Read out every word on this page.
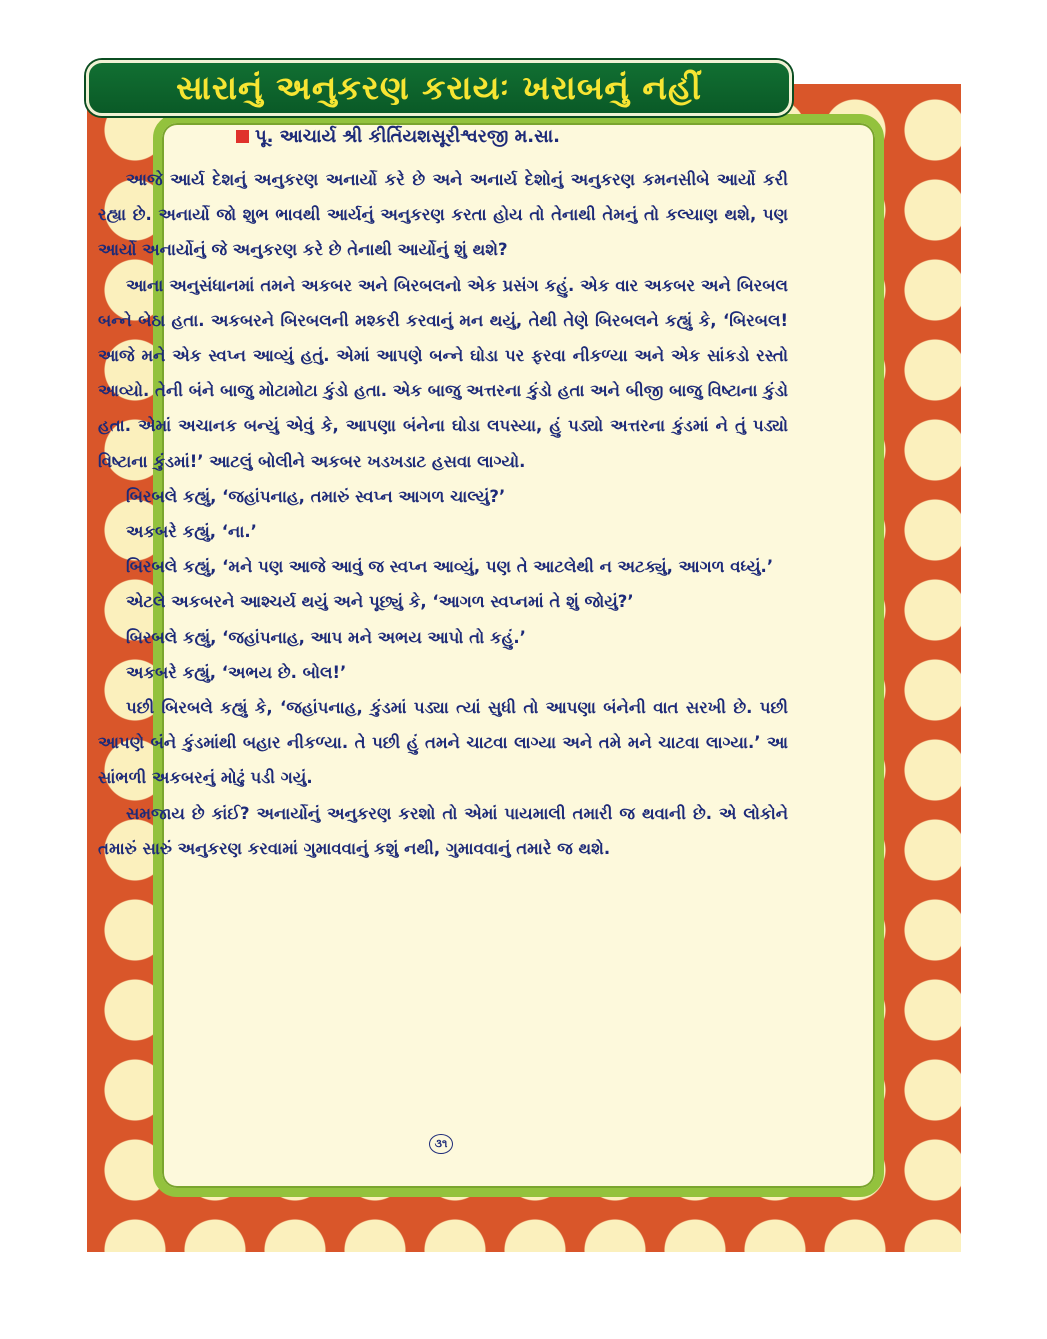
સારાનું અનુકરણ કરાયઃ ખરાબનું નહીં
પૂ. આચાર્ય શ્રી કીર્તિયશસૂરીશ્વરજી મ.સા.

આજે આર્ય દેશનું અનુકરણ અનાર્યો કરે છે અને અનાર્ય દેશોનું અનુકરણ કમનસીબે આર્યો કરી રહ્યા છે. અનાર્યો જો શુભ ભાવથી આર્યનું અનુકરણ કરતા હોય તો તેનાથી તેમનું તો કલ્યાણ થશે, પણ આર્યો અનાર્યોનું જે અનુકરણ કરે છે તેનાથી આર્યોનું શું થશે?

આના અનુસંધાનમાં તમને અકબર અને બિરબલનો એક પ્રસંગ કહું. એક વાર અકબર અને બિરબલ બન્ને બેઠા હતા. અકબરને બિરબલની મશ્કરી કરવાનું મન થયું, તેથી તેણે બિરબલને કહ્યું કે, ‘બિરબલ! આજે મને એક સ્વપ્ન આવ્યું હતું. એમાં આપણે બન્ને ઘોડા પર ફરવા નીકળ્યા અને એક સાંકડો રસ્તો આવ્યો. તેની બંને બાજુ મોટામોટા કુંડો હતા. એક બાજુ અત્તરના કુંડો હતા અને બીજી બાજુ વિષ્ટાના કુંડો હતા. એમાં અચાનક બન્યું એવું કે, આપણા બંનેના ઘોડા લપસ્યા, હું પડ્યો અત્તરના કુંડમાં ને તું પડ્યો વિષ્ટાના કુંડમાં!’ આટલું બોલીને અકબર ખડખડાટ હસવા લાગ્યો.

બિરબલે કહ્યું, ‘જહાંપનાહ, તમારું સ્વપ્ન આગળ ચાલ્યું?’

અકબરે કહ્યું, ‘ના.’

બિરબલે કહ્યું, ‘મને પણ આજે આવું જ સ્વપ્ન આવ્યું, પણ તે આટલેથી ન અટક્યું, આગળ વધ્યું.’

એટલે અકબરને આશ્ચર્ય થયું અને પૂછ્યું કે, ‘આગળ સ્વપ્નમાં તે શું જોયું?’

બિરબલે કહ્યું, ‘જહાંપનાહ, આપ મને અભય આપો તો કહું.’

અકબરે કહ્યું, ‘અભય છે. બોલ!’

પછી બિરબલે કહ્યું કે, ‘જહાંપનાહ, કુંડમાં પડ્યા ત્યાં સુધી તો આપણા બંનેની વાત સરખી છે. પછી આપણે બંને કુંડમાંથી બહાર નીકળ્યા. તે પછી હું તમને ચાટવા લાગ્યા અને તમે મને ચાટવા લાગ્યા.’ આ સાંભળી અકબરનું મોઢું પડી ગયું.

સમજાય છે કાંઈ? અનાર્યોનું અનુકરણ કરશો તો એમાં પાયમાલી તમારી જ થવાની છે. એ લોકોને તમારું સારું અનુકરણ કરવામાં ગુમાવવાનું કશું નથી, ગુમાવવાનું તમારે જ થશે.

૩૧
